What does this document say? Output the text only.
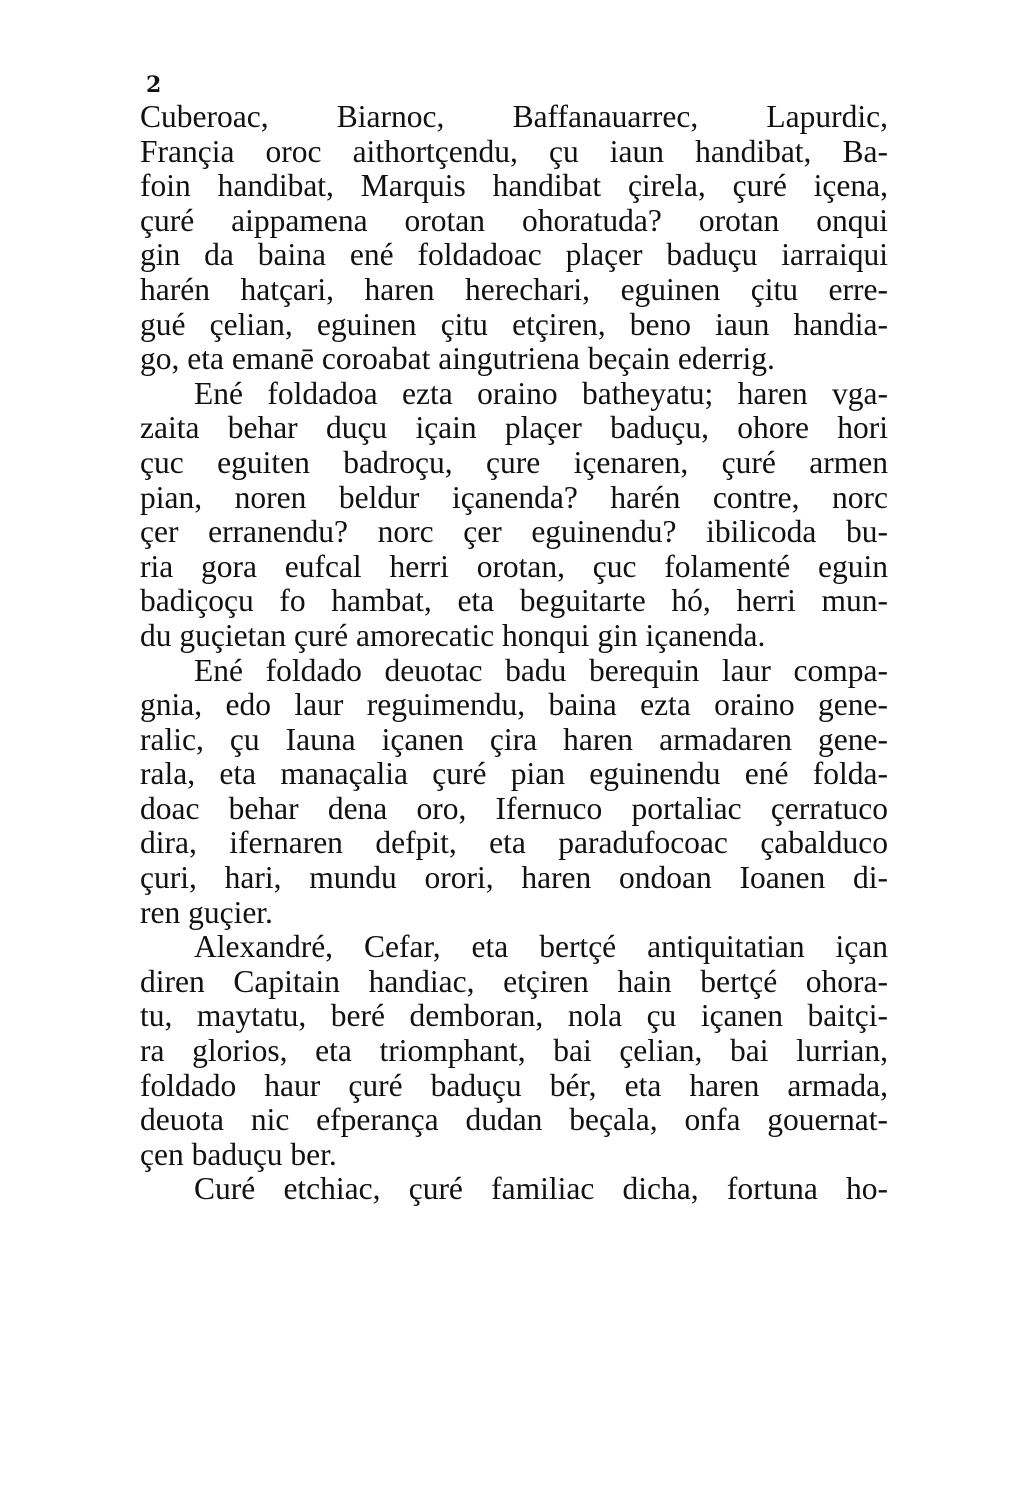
2
Cuberoac, Biarnoc, Baffanauarrec, Lapurdic,
Françia oroc aithortçendu, çu iaun handibat, Ba-
foin handibat, Marquis handibat çirela, çuré içena,
çuré aippamena orotan ohoratuda? orotan onqui
gin da baina ené foldadoac plaçer baduçu iarraiqui
harén hatçari, haren herechari, eguinen çitu erre-
gué çelian, eguinen çitu etçiren, beno iaun handia-
go, eta emanē coroabat aingutriena beçain ederrig.
Ené foldadoa ezta oraino batheyatu; haren vga-
zaita behar duçu içain plaçer baduçu, ohore hori
çuc eguiten badroçu, çure içenaren, çuré armen
pian, noren beldur içanenda? harén contre, norc
çer erranendu? norc çer eguinendu? ibilicoda bu-
ria gora eufcal herri orotan, çuc folamenté eguin
badiçoçu fo hambat, eta beguitarte hó, herri mun-
du guçietan çuré amorecatic honqui gin içanenda.
Ené foldado deuotac badu berequin laur compa-
gnia, edo laur reguimendu, baina ezta oraino gene-
ralic, çu Iauna içanen çira haren armadaren gene-
rala, eta manaçalia çuré pian eguinendu ené folda-
doac behar dena oro, Ifernuco portaliac çerratuco
dira, ifernaren defpit, eta paradufocoac çabalduco
çuri, hari, mundu orori, haren ondoan Ioanen di-
ren guçier.
Alexandré, Cefar, eta bertçé antiquitatian içan
diren Capitain handiac, etçiren hain bertçé ohora-
tu, maytatu, beré demboran, nola çu içanen baitçi-
ra glorios, eta triomphant, bai çelian, bai lurrian,
foldado haur çuré baduçu bér, eta haren armada,
deuota nic efperança dudan beçala, onfa gouernat-
çen baduçu ber.
Curé etchiac, çuré familiac dicha, fortuna ho-
